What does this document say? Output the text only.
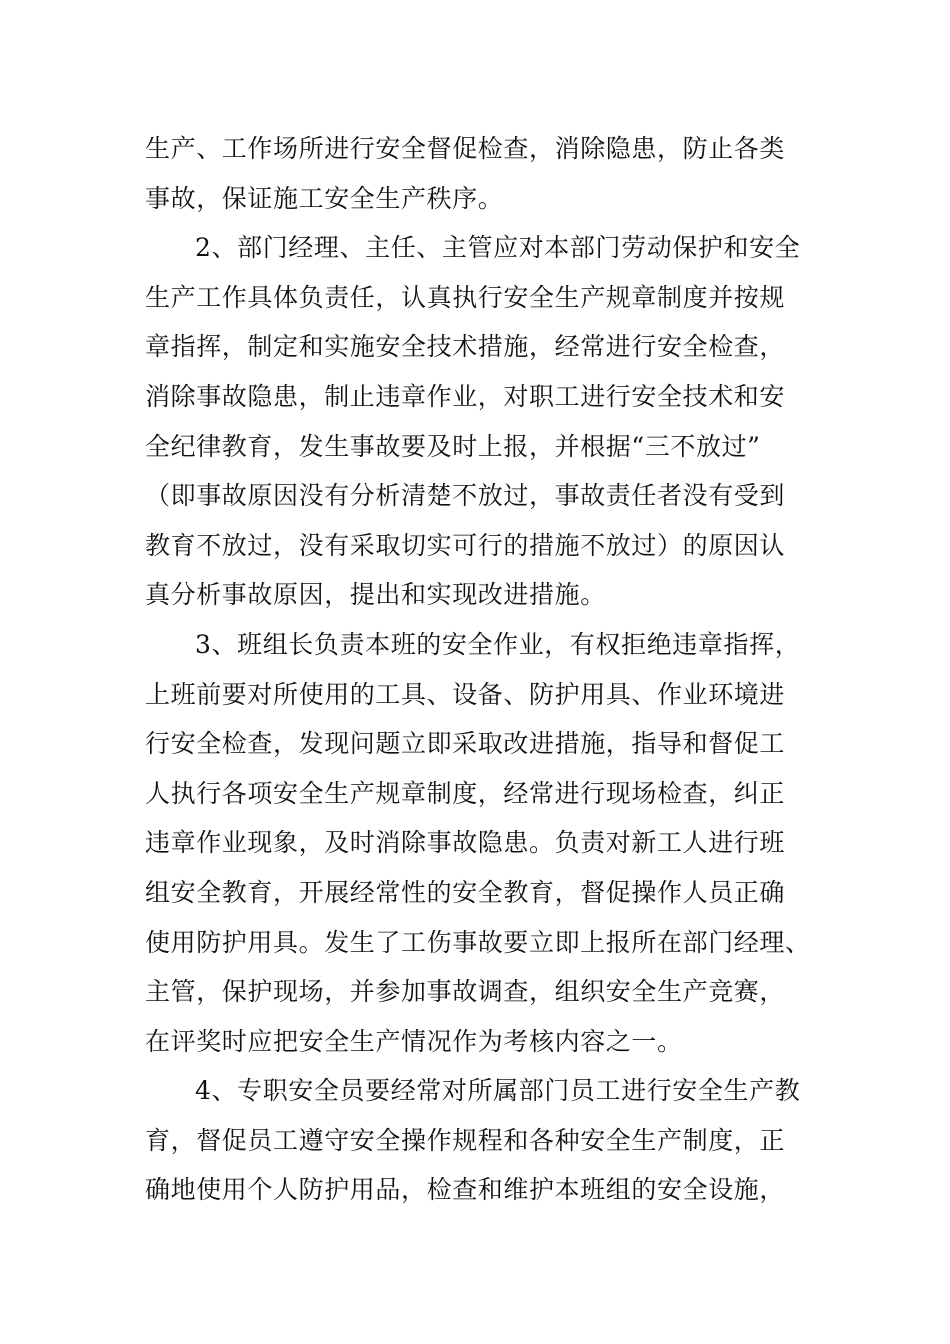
生产、工作场所进行安全督促检查，消除隐患，防止各类
事故，保证施工安全生产秩序。
2、部门经理、主任、主管应对本部门劳动保护和安全
生产工作具体负责任，认真执行安全生产规章制度并按规
章指挥，制定和实施安全技术措施，经常进行安全检查，
消除事故隐患，制止违章作业，对职工进行安全技术和安
全纪律教育，发生事故要及时上报，并根据“三不放过”
（即事故原因没有分析清楚不放过，事故责任者没有受到
教育不放过，没有采取切实可行的措施不放过）的原因认
真分析事故原因，提出和实现改进措施。
3、班组长负责本班的安全作业，有权拒绝违章指挥，
上班前要对所使用的工具、设备、防护用具、作业环境进
行安全检查，发现问题立即采取改进措施，指导和督促工
人执行各项安全生产规章制度，经常进行现场检查，纠正
违章作业现象，及时消除事故隐患。负责对新工人进行班
组安全教育，开展经常性的安全教育，督促操作人员正确
使用防护用具。发生了工伤事故要立即上报所在部门经理、
主管，保护现场，并参加事故调查，组织安全生产竞赛，
在评奖时应把安全生产情况作为考核内容之一。
4、专职安全员要经常对所属部门员工进行安全生产教
育，督促员工遵守安全操作规程和各种安全生产制度，正
确地使用个人防护用品，检查和维护本班组的安全设施，
